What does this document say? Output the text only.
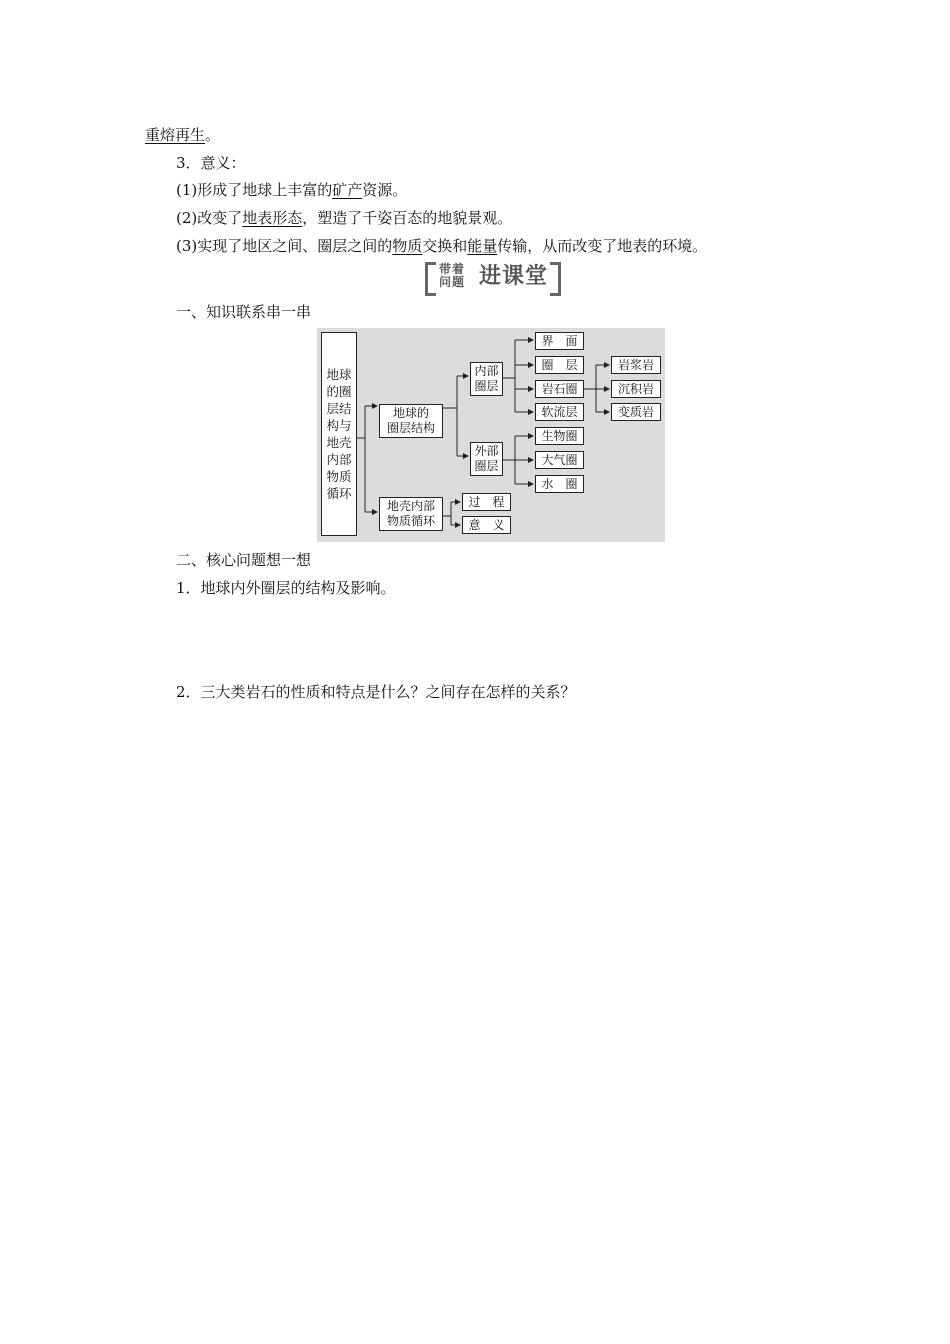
重熔再生。
3．意义：
(1)形成了地球上丰富的矿产资源。
(2)改变了地表形态，塑造了千姿百态的地貌景观。
(3)实现了地区之间、圈层之间的物质交换和能量传输，从而改变了地表的环境。
带着
问题 进课堂
一、知识联系串一串
地球
的圈
层结
构与
地壳
内部
物质
循环
地球的
圈层结构
地壳内部
物质循环
内部
圈层
外部
圈层
界　面
圈　层
岩石圈
软流层
生物圈
大气圈
水　圈
岩浆岩
沉积岩
变质岩
过　程
意　义
二、核心问题想一想
1．地球内外圈层的结构及影响。
2．三大类岩石的性质和特点是什么？之间存在怎样的关系？
